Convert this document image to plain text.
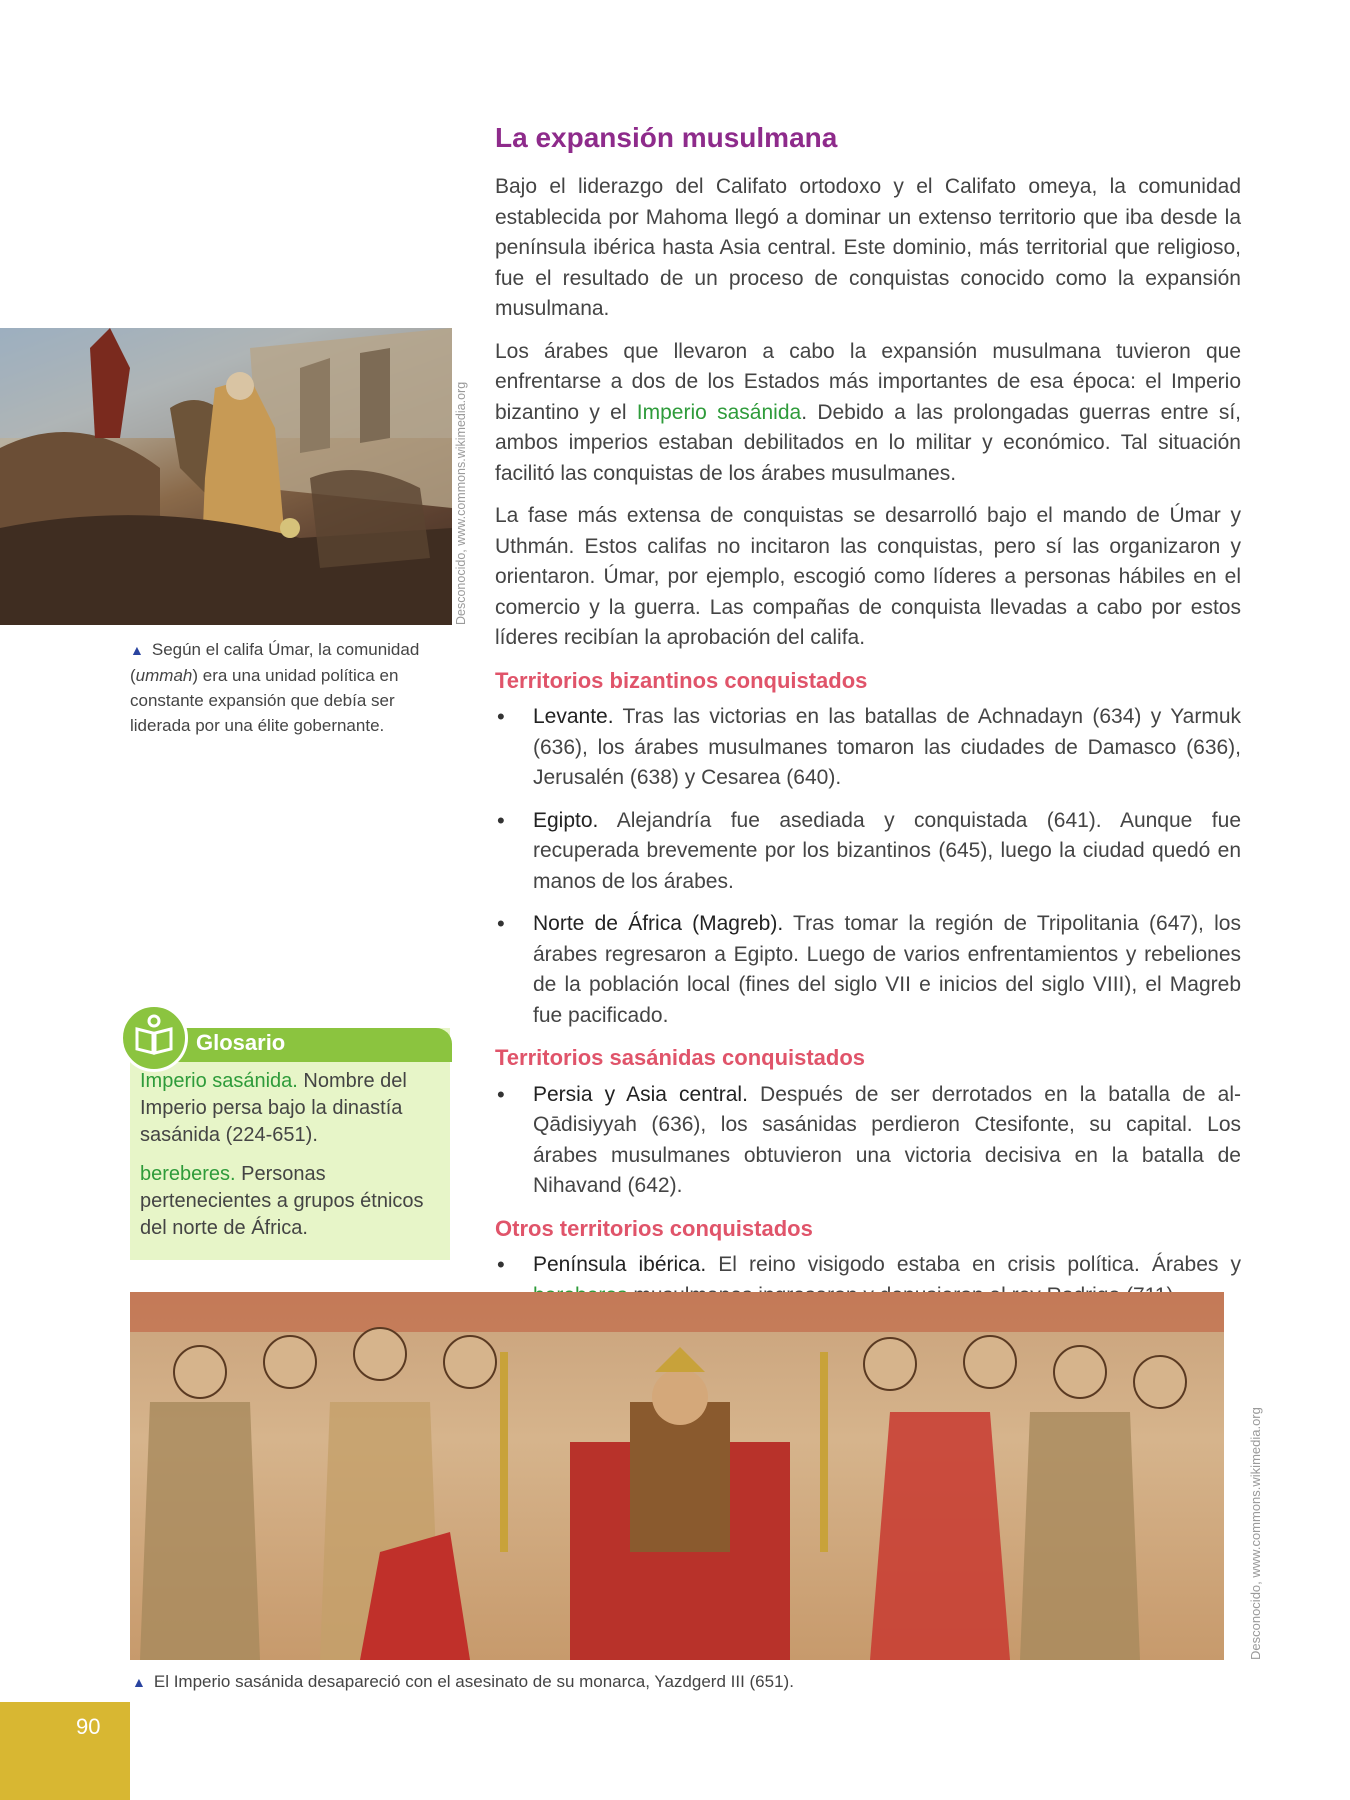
La expansión musulmana

Bajo el liderazgo del Califato ortodoxo y el Califato omeya, la comunidad establecida por Mahoma llegó a dominar un extenso territorio que iba desde la península ibérica hasta Asia central. Este dominio, más territorial que religioso, fue el resultado de un proceso de conquistas conocido como la expansión musulmana.

Los árabes que llevaron a cabo la expansión musulmana tuvieron que enfrentarse a dos de los Estados más importantes de esa época: el Imperio bizantino y el Imperio sasánida. Debido a las prolongadas guerras entre sí, ambos imperios estaban debilitados en lo militar y económico. Tal situación facilitó las conquistas de los árabes musulmanes.

La fase más extensa de conquistas se desarrolló bajo el mando de Úmar y Uthmán. Estos califas no incitaron las conquistas, pero sí las organizaron y orientaron. Úmar, por ejemplo, escogió como líderes a personas hábiles en el comercio y la guerra. Las compañas de conquista llevadas a cabo por estos líderes recibían la aprobación del califa.

Territorios bizantinos conquistados
• Levante. Tras las victorias en las batallas de Achnadayn (634) y Yarmuk (636), los árabes musulmanes tomaron las ciudades de Damasco (636), Jerusalén (638) y Cesarea (640).
• Egipto. Alejandría fue asediada y conquistada (641). Aunque fue recuperada brevemente por los bizantinos (645), luego la ciudad quedó en manos de los árabes.
• Norte de África (Magreb). Tras tomar la región de Tripolitania (647), los árabes regresaron a Egipto. Luego de varios enfrentamientos y rebeliones de la población local (fines del siglo VII e inicios del siglo VIII), el Magreb fue pacificado.
Territorios sasánidas conquistados
• Persia y Asia central. Después de ser derrotados en la batalla de al-Qādisiyyah (636), los sasánidas perdieron Ctesifonte, su capital. Los árabes musulmanes obtuvieron una victoria decisiva en la batalla de Nihavand (642).
Otros territorios conquistados
• Península ibérica. El reino visigodo estaba en crisis política. Árabes y
Desconocido, www.commons.wikimedia.org
▲ Según el califa Úmar, la comunidad (ummah) era una unidad política en constante expansión que debía ser liderada por una élite gobernante.
Glosario

Imperio sasánida. Nombre del Imperio persa bajo la dinastía sasánida (224-651).

bereberes. Personas pertenecientes a grupos étnicos del norte de África.

Desconocido, www.commons.wikimedia.org
▲ El Imperio sasánida desapareció con el asesinato de su monarca, Yazdgerd III (651).
90
